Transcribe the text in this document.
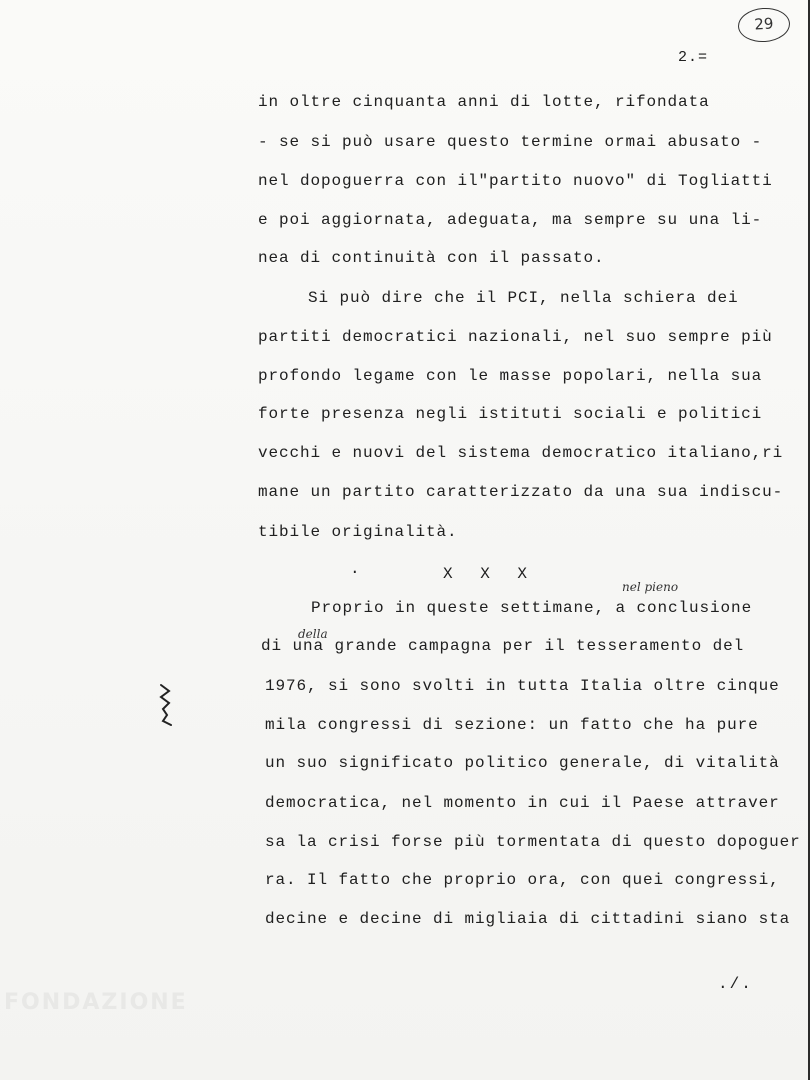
29
2.=
in oltre cinquanta anni di lotte, rifondata
- se si può usare questo termine ormai abusato -
nel dopoguerra con il"partito nuovo" di Togliatti
e poi aggiornata, adeguata, ma sempre su una li-
nea di continuità con il passato.
Si può dire che il PCI, nella schiera dei
partiti democratici nazionali, nel suo sempre più
profondo legame con le masse popolari, nella sua
forte presenza negli istituti sociali e politici
vecchi e nuovi del sistema democratico italiano,ri
mane un partito caratterizzato da una sua indiscu-
tibile originalità.
·	X X X
nel pieno
Proprio in queste settimane, a conclusione
della
di una grande campagna per il tesseramento del
1976, si sono svolti in tutta Italia oltre cinque
mila congressi di sezione: un fatto che ha pure
un suo significato politico generale, di vitalità
democratica, nel momento in cui il Paese attraver
sa la crisi forse più tormentata di questo dopoguer
ra. Il fatto che proprio ora, con quei congressi,
decine e decine di migliaia di cittadini siano sta
./.
FONDAZIONE
